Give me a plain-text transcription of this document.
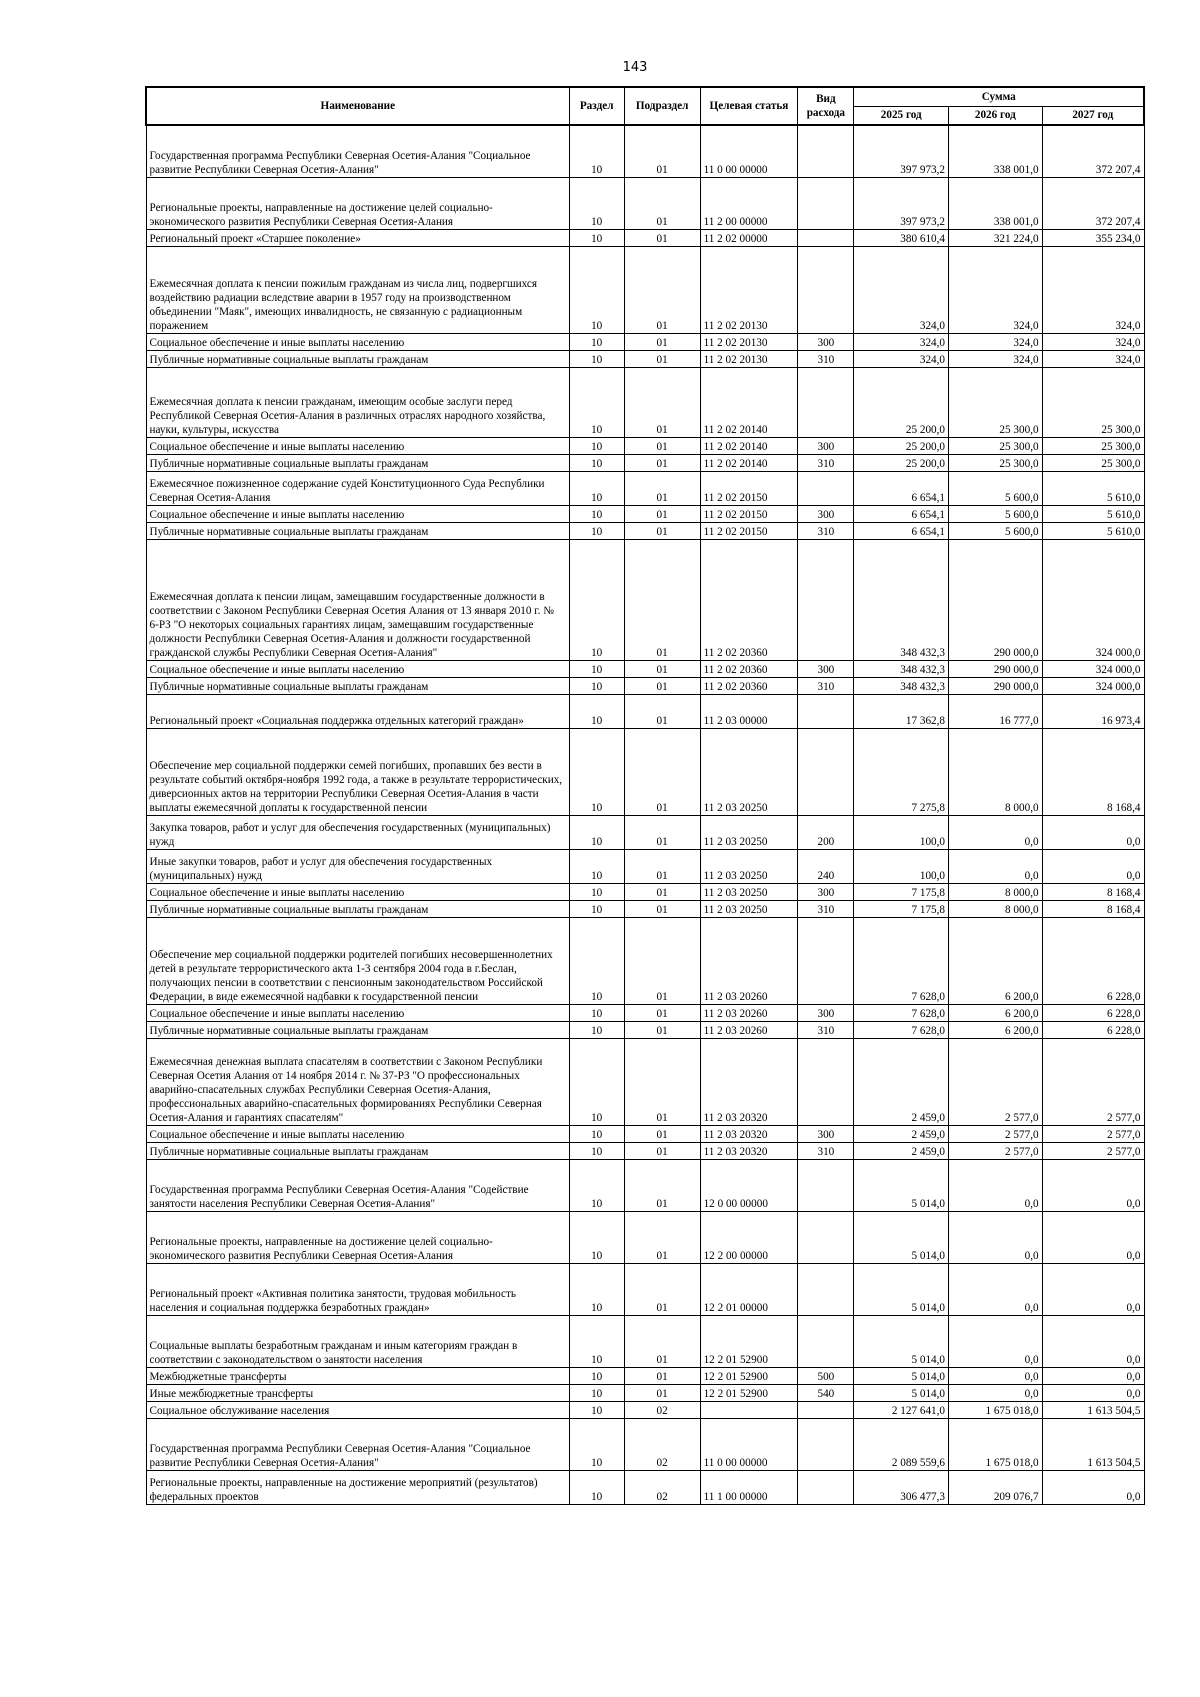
143
Наименование	Раздел	Подраздел	Целевая статья	Вид расхода	Сумма		
					2025 год	2026 год	2027 год
Государственная программа Республики Северная Осетия-Алания "Социальное развитие Республики Северная Осетия-Алания"	10	01	11 0 00 00000		397 973,2	338 001,0	372 207,4
Региональные проекты, направленные на достижение целей социально-экономического развития Республики Северная Осетия-Алания	10	01	11 2 00 00000		397 973,2	338 001,0	372 207,4
Региональный проект «Старшее поколение»	10	01	11 2 02 00000		380 610,4	321 224,0	355 234,0
Ежемесячная доплата к пенсии пожилым гражданам из числа лиц, подвергшихся воздействию радиации вследствие аварии в 1957 году на производственном объединении "Маяк", имеющих инвалидность, не связанную с радиационным поражением	10	01	11 2 02 20130		324,0	324,0	324,0
Социальное обеспечение и иные выплаты населению	10	01	11 2 02 20130	300	324,0	324,0	324,0
Публичные нормативные социальные выплаты гражданам	10	01	11 2 02 20130	310	324,0	324,0	324,0
Ежемесячная доплата к пенсии гражданам, имеющим особые заслуги перед Республикой Северная Осетия-Алания в различных отраслях народного хозяйства, науки, культуры, искусства	10	01	11 2 02 20140		25 200,0	25 300,0	25 300,0
Социальное обеспечение и иные выплаты населению	10	01	11 2 02 20140	300	25 200,0	25 300,0	25 300,0
Публичные нормативные социальные выплаты гражданам	10	01	11 2 02 20140	310	25 200,0	25 300,0	25 300,0
Ежемесячное пожизненное содержание судей Конституционного Суда Республики Северная Осетия-Алания	10	01	11 2 02 20150		6 654,1	5 600,0	5 610,0
Социальное обеспечение и иные выплаты населению	10	01	11 2 02 20150	300	6 654,1	5 600,0	5 610,0
Публичные нормативные социальные выплаты гражданам	10	01	11 2 02 20150	310	6 654,1	5 600,0	5 610,0
Ежемесячная доплата к пенсии лицам, замещавшим государственные должности в соответствии с Законом Республики Северная Осетия Алания от 13 января 2010 г. № 6-РЗ "О некоторых социальных гарантиях лицам, замещавшим государственные должности Республики Северная Осетия-Алания и должности государственной гражданской службы Республики Северная Осетия-Алания"	10	01	11 2 02 20360		348 432,3	290 000,0	324 000,0
Социальное обеспечение и иные выплаты населению	10	01	11 2 02 20360	300	348 432,3	290 000,0	324 000,0
Публичные нормативные социальные выплаты гражданам	10	01	11 2 02 20360	310	348 432,3	290 000,0	324 000,0
Региональный проект «Социальная поддержка отдельных категорий граждан»	10	01	11 2 03 00000		17 362,8	16 777,0	16 973,4
Обеспечение мер социальной поддержки семей погибших, пропавших без вести в результате событий октября-ноября 1992 года, а также в результате террористических, диверсионных актов на территории Республики Северная Осетия-Алания в части выплаты ежемесячной доплаты к государственной пенсии	10	01	11 2 03 20250		7 275,8	8 000,0	8 168,4
Закупка товаров, работ и услуг для обеспечения государственных (муниципальных) нужд	10	01	11 2 03 20250	200	100,0	0,0	0,0
Иные закупки товаров, работ и услуг для обеспечения государственных (муниципальных) нужд	10	01	11 2 03 20250	240	100,0	0,0	0,0
Социальное обеспечение и иные выплаты населению	10	01	11 2 03 20250	300	7 175,8	8 000,0	8 168,4
Публичные нормативные социальные выплаты гражданам	10	01	11 2 03 20250	310	7 175,8	8 000,0	8 168,4
Обеспечение мер социальной поддержки родителей погибших несовершеннолетних детей в результате террористического акта 1-3 сентября 2004 года в г.Беслан, получающих пенсии в соответствии с пенсионным законодательством Российской Федерации, в виде ежемесячной надбавки к государственной пенсии	10	01	11 2 03 20260		7 628,0	6 200,0	6 228,0
Социальное обеспечение и иные выплаты населению	10	01	11 2 03 20260	300	7 628,0	6 200,0	6 228,0
Публичные нормативные социальные выплаты гражданам	10	01	11 2 03 20260	310	7 628,0	6 200,0	6 228,0
Ежемесячная денежная выплата спасателям в соответствии с Законом Республики Северная Осетия Алания от 14 ноября 2014 г. № 37-РЗ "О профессиональных аварийно-спасательных службах Республики Северная Осетия-Алания, профессиональных аварийно-спасательных формированиях Республики Северная Осетия-Алания и гарантиях спасателям"	10	01	11 2 03 20320		2 459,0	2 577,0	2 577,0
Социальное обеспечение и иные выплаты населению	10	01	11 2 03 20320	300	2 459,0	2 577,0	2 577,0
Публичные нормативные социальные выплаты гражданам	10	01	11 2 03 20320	310	2 459,0	2 577,0	2 577,0
Государственная программа Республики Северная Осетия-Алания "Содействие занятости населения Республики Северная Осетия-Алания"	10	01	12 0 00 00000		5 014,0	0,0	0,0
Региональные проекты, направленные на достижение целей социально-экономического развития Республики Северная Осетия-Алания	10	01	12 2 00 00000		5 014,0	0,0	0,0
Региональный проект «Активная политика занятости, трудовая мобильность населения и социальная поддержка безработных граждан»	10	01	12 2 01 00000		5 014,0	0,0	0,0
Социальные выплаты безработным гражданам и иным категориям граждан в соответствии с законодательством о занятости населения	10	01	12 2 01 52900		5 014,0	0,0	0,0
Межбюджетные трансферты	10	01	12 2 01 52900	500	5 014,0	0,0	0,0
Иные межбюджетные трансферты	10	01	12 2 01 52900	540	5 014,0	0,0	0,0
Социальное обслуживание населения	10	02			2 127 641,0	1 675 018,0	1 613 504,5
Государственная программа Республики Северная Осетия-Алания "Социальное развитие Республики Северная Осетия-Алания"	10	02	11 0 00 00000		2 089 559,6	1 675 018,0	1 613 504,5
Региональные проекты, направленные на достижение мероприятий (результатов) федеральных проектов	10	02	11 1 00 00000		306 477,3	209 076,7	0,0
